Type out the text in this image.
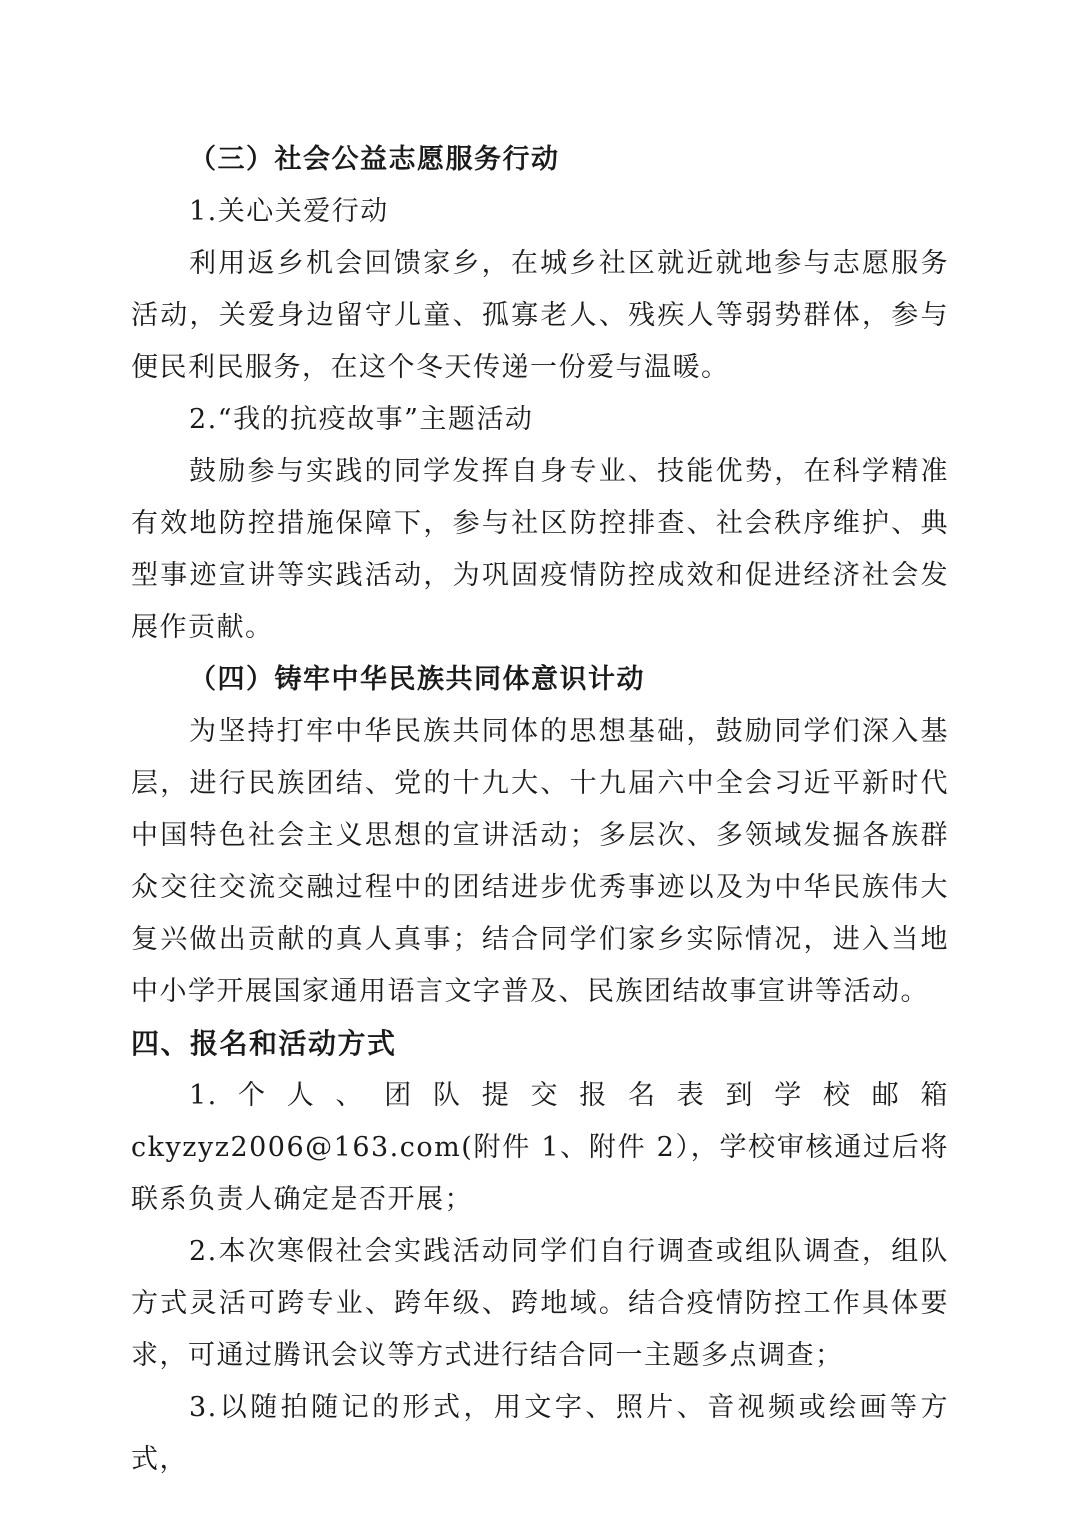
（三）社会公益志愿服务行动

1.关心关爱行动

利用返乡机会回馈家乡，在城乡社区就近就地参与志愿服务活动，关爱身边留守儿童、孤寡老人、残疾人等弱势群体，参与便民利民服务，在这个冬天传递一份爱与温暖。

2.“我的抗疫故事”主题活动

鼓励参与实践的同学发挥自身专业、技能优势，在科学精准有效地防控措施保障下，参与社区防控排查、社会秩序维护、典型事迹宣讲等实践活动，为巩固疫情防控成效和促进经济社会发展作贡献。

（四）铸牢中华民族共同体意识计动

为坚持打牢中华民族共同体的思想基础，鼓励同学们深入基层，进行民族团结、党的十九大、十九届六中全会习近平新时代中国特色社会主义思想的宣讲活动；多层次、多领域发掘各族群众交往交流交融过程中的团结进步优秀事迹以及为中华民族伟大复兴做出贡献的真人真事；结合同学们家乡实际情况，进入当地中小学开展国家通用语言文字普及、民族团结故事宣讲等活动。

四、报名和活动方式

1.个人、团队提交报名表到学校邮箱 ckyzyz2006@163.com(附件 1、附件 2），学校审核通过后将联系负责人确定是否开展；

2.本次寒假社会实践活动同学们自行调查或组队调查，组队方式灵活可跨专业、跨年级、跨地域。结合疫情防控工作具体要求，可通过腾讯会议等方式进行结合同一主题多点调查；

3.以随拍随记的形式，用文字、照片、音视频或绘画等方式，
